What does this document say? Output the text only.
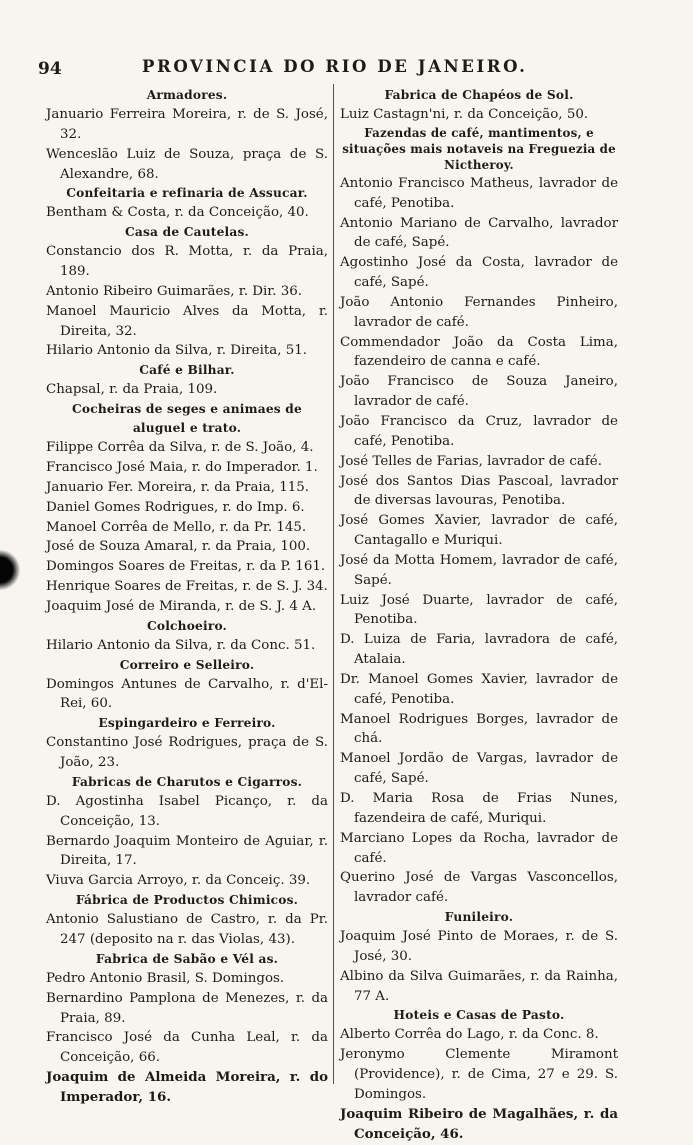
94	PROVINCIA DO RIO DE JANEIRO.
Armadores.
Januario Ferreira Moreira, r. de S. José, 32.
Wenceslão Luiz de Souza, praça de S. Alexandre, 68.
Confeitaria e refinaria de Assucar.
Bentham & Costa, r. da Conceição, 40.
Casa de Cautelas.
Constancio dos R. Motta, r. da Praia, 189.
Antonio Ribeiro Guimarães, r. Dir. 36.
Manoel Mauricio Alves da Motta, r. Direita, 32.
Hilario Antonio da Silva, r. Direita, 51.
Café e Bilhar.
Chapsal, r. da Praia, 109.
Cocheiras de seges e animaes de aluguel e trato.
Filippe Corrêa da Silva, r. de S. João, 4.
Francisco José Maia, r. do Imperador. 1.
Januario Fer. Moreira, r. da Praia, 115.
Daniel Gomes Rodrigues, r. do Imp. 6.
Manoel Corrêa de Mello, r. da Pr. 145.
José de Souza Amaral, r. da Praia, 100.
Domingos Soares de Freitas, r. da P. 161.
Henrique Soares de Freitas, r. de S. J. 34.
Joaquim José de Miranda, r. de S. J. 4 A.
Colchoeiro.
Hilario Antonio da Silva, r. da Conc. 51.
Correiro e Selleiro.
Domingos Antunes de Carvalho, r. d'El-Rei, 60.
Espingardeiro e Ferreiro.
Constantino José Rodrigues, praça de S. João, 23.
Fabricas de Charutos e Cigarros.
D. Agostinha Isabel Picanço, r. da Conceição, 13.
Bernardo Joaquim Monteiro de Aguiar, r. Direita, 17.
Viuva Garcia Arroyo, r. da Conceiç. 39.
Fábrica de Productos Chimicos.
Antonio Salustiano de Castro, r. da Pr. 247 (deposito na r. das Violas, 43).
Fabrica de Sabão e Vél as.
Pedro Antonio Brasil, S. Domingos.
Bernardino Pamplona de Menezes, r. da Praia, 89.
Francisco José da Cunha Leal, r. da Conceição, 66.
Joaquim de Almeida Moreira, r. do Imperador, 16.
Fabrica de Chapéos de Sol.
Luiz Castagn'ni, r. da Conceição, 50.
Fazendas de café, mantimentos, e situações mais notaveis na Freguezia de Nictheroy.
Antonio Francisco Matheus, lavrador de café, Penotiba.
Antonio Mariano de Carvalho, lavrador de café, Sapé.
Agostinho José da Costa, lavrador de café, Sapé.
João Antonio Fernandes Pinheiro, lavrador de café.
Commendador João da Costa Lima, fazendeiro de canna e café.
João Francisco de Souza Janeiro, lavrador de café.
João Francisco da Cruz, lavrador de café, Penotiba.
José Telles de Farias, lavrador de café.
José dos Santos Dias Pascoal, lavrador de diversas lavouras, Penotiba.
José Gomes Xavier, lavrador de café, Cantagallo e Muriqui.
José da Motta Homem, lavrador de café, Sapé.
Luiz José Duarte, lavrador de café, Penotiba.
D. Luiza de Faria, lavradora de café, Atalaia.
Dr. Manoel Gomes Xavier, lavrador de café, Penotiba.
Manoel Rodrigues Borges, lavrador de chá.
Manoel Jordão de Vargas, lavrador de café, Sapé.
D. Maria Rosa de Frias Nunes, fazendeira de café, Muriqui.
Marciano Lopes da Rocha, lavrador de café.
Querino José de Vargas Vasconcellos, lavrador café.
Funileiro.
Joaquim José Pinto de Moraes, r. de S. José, 30.
Albino da Silva Guimarães, r. da Rainha, 77 A.
Hoteis e Casas de Pasto.
Alberto Corrêa do Lago, r. da Conc. 8.
Jeronymo Clemente Miramont (Providence), r. de Cima, 27 e 29. S. Domingos.
Joaquim Ribeiro de Magalhães, r. da Conceição, 46.
